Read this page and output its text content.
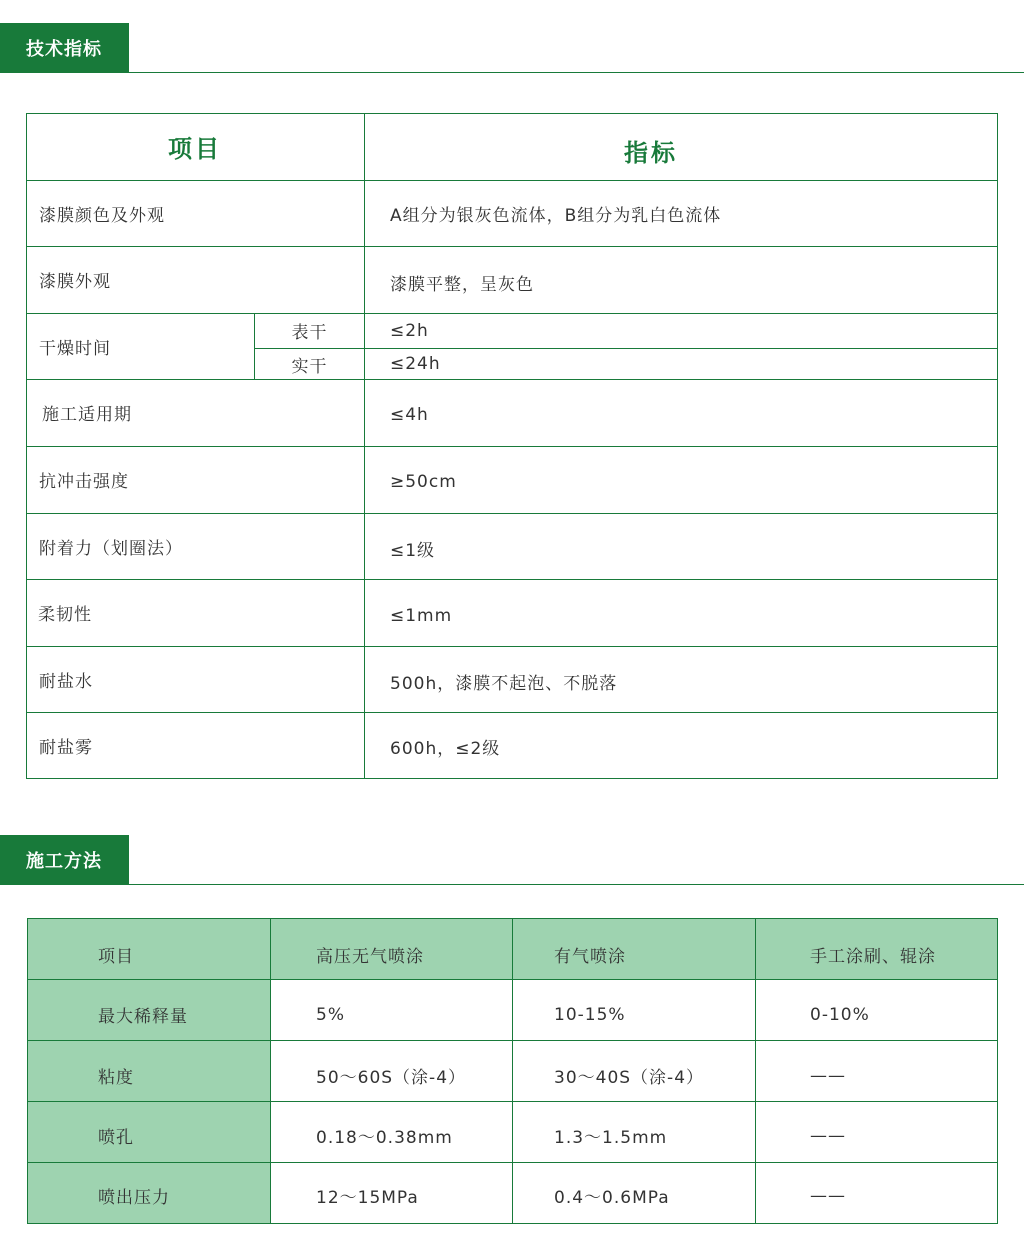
技术指标
项目	指标
漆膜颜色及外观	A组分为银灰色流体，B组分为乳白色流体
漆膜外观	漆膜平整，呈灰色
干燥时间
表干	≤2h
实干	≤24h
施工适用期	≤4h
抗冲击强度	≥50cm
附着力（划圈法）	≤1级
柔韧性	≤1mm
耐盐水	500h，漆膜不起泡、不脱落
耐盐雾	600h，≤2级
施工方法
项目	高压无气喷涂	有气喷涂	手工涂刷、辊涂
最大稀释量	5%	10-15%	0-10%
粘度	50～60S（涂-4）	30～40S（涂-4）	——
喷孔	0.18～0.38mm	1.3～1.5mm	——
喷出压力	12～15MPa	0.4～0.6MPa	——
